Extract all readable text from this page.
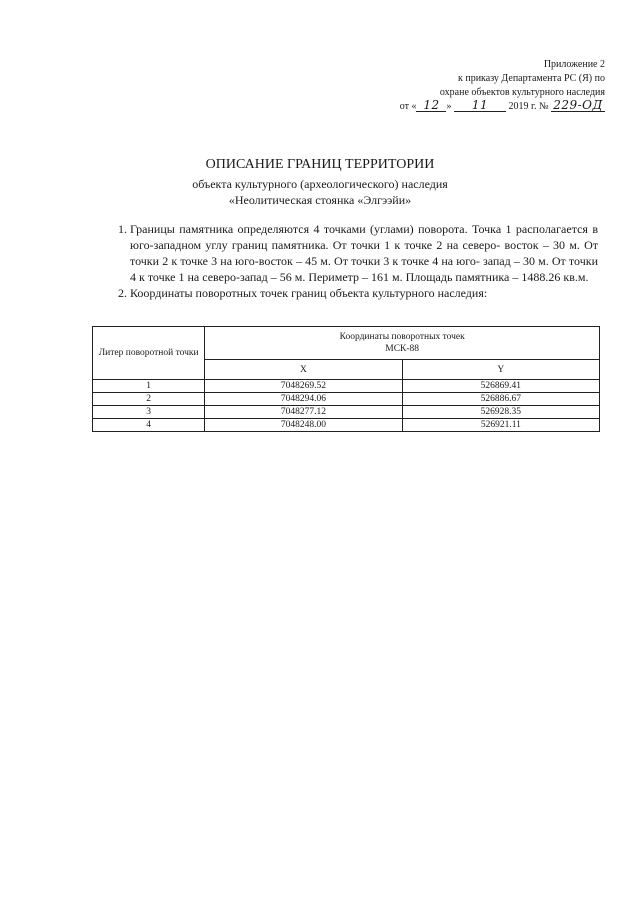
Приложение 2
к приказу Департамента РС (Я) по
охране объектов культурного наследия
от « 12 » 11 2019 г. № 229-ОД
ОПИСАНИЕ ГРАНИЦ ТЕРРИТОРИИ
объекта культурного (археологического) наследия
«Неолитическая стоянка «Элгээйи»
1. Границы памятника определяются 4 точками (углами) поворота. Точка 1 располагается в юго-западном углу границ памятника. От точки 1 к точке 2 на северо- восток – 30 м. От точки 2 к точке 3 на юго-восток – 45 м. От точки 3 к точке 4 на юго- запад – 30 м. От точки 4 к точке 1 на северо-запад – 56 м. Периметр – 161 м. Площадь памятника – 1488.26 кв.м.
2. Координаты поворотных точек границ объекта культурного наследия:
Литер поворотной точки	Координаты поворотных точек
МСК-88	
	X	Y
1	7048269.52	526869.41
2	7048294.06	526886.67
3	7048277.12	526928.35
4	7048248.00	526921.11
